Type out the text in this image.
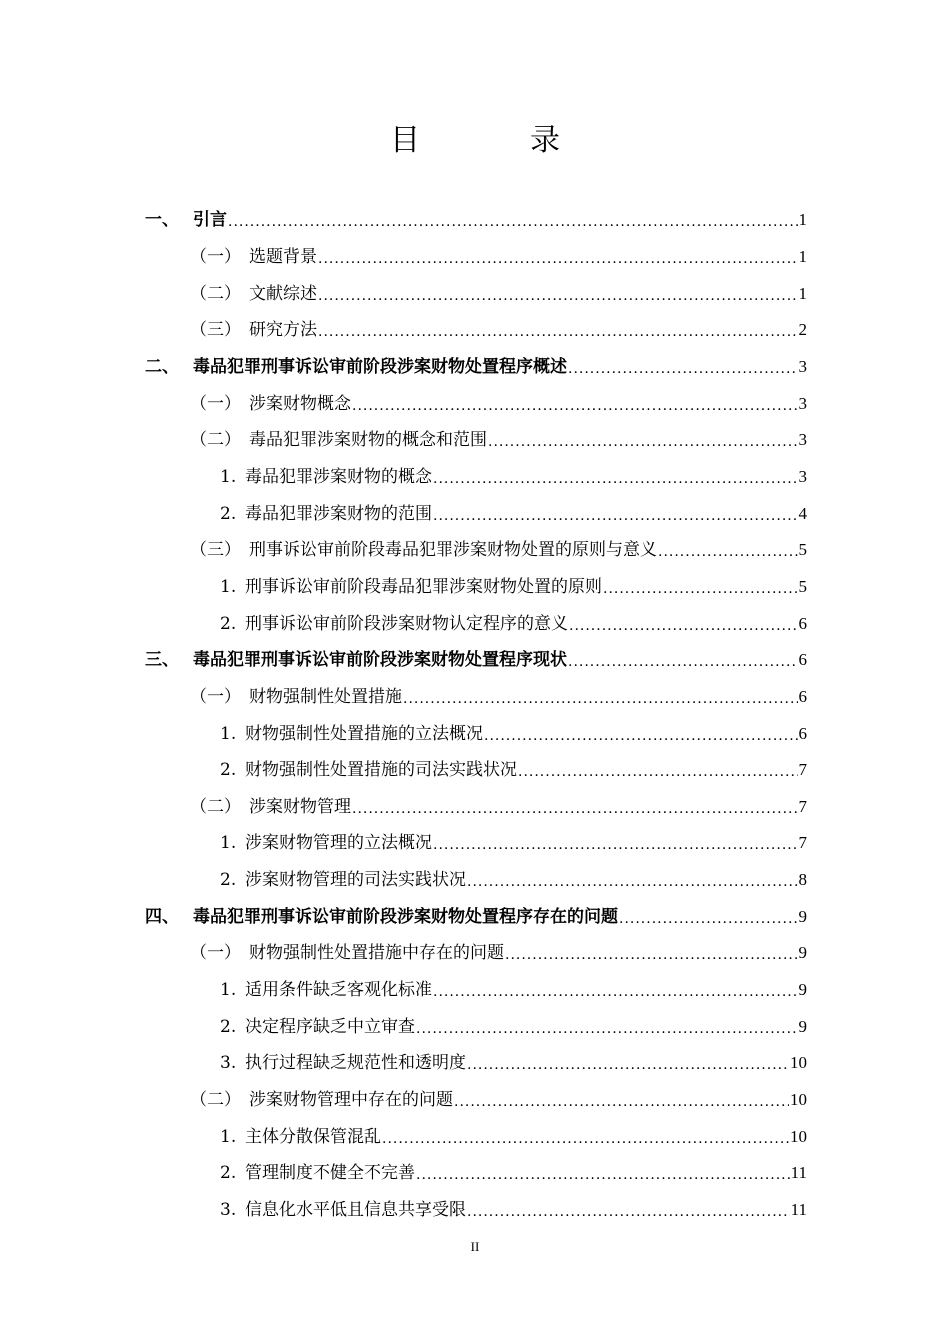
目　录
一、 引言 .....	1
（一） 选题背景 .....	1
（二） 文献综述 .....	1
（三） 研究方法 .....	2
二、 毒品犯罪刑事诉讼审前阶段涉案财物处置程序概述 .....	3
（一） 涉案财物概念 .....	3
（二） 毒品犯罪涉案财物的概念和范围 .....	3
1. 毒品犯罪涉案财物的概念 .....	3
2. 毒品犯罪涉案财物的范围 .....	4
（三） 刑事诉讼审前阶段毒品犯罪涉案财物处置的原则与意义 .....	5
1. 刑事诉讼审前阶段毒品犯罪涉案财物处置的原则 .....	5
2. 刑事诉讼审前阶段涉案财物认定程序的意义 .....	6
三、 毒品犯罪刑事诉讼审前阶段涉案财物处置程序现状 .....	6
（一） 财物强制性处置措施 .....	6
1. 财物强制性处置措施的立法概况 .....	6
2. 财物强制性处置措施的司法实践状况 .....	7
（二） 涉案财物管理 .....	7
1. 涉案财物管理的立法概况 .....	7
2. 涉案财物管理的司法实践状况 .....	8
四、 毒品犯罪刑事诉讼审前阶段涉案财物处置程序存在的问题 .....	9
（一） 财物强制性处置措施中存在的问题 .....	9
1. 适用条件缺乏客观化标准 .....	9
2. 决定程序缺乏中立审查 .....	9
3. 执行过程缺乏规范性和透明度 .....	10
（二） 涉案财物管理中存在的问题 .....	10
1. 主体分散保管混乱 .....	10
2. 管理制度不健全不完善 .....	11
3. 信息化水平低且信息共享受限 .....	11
II
